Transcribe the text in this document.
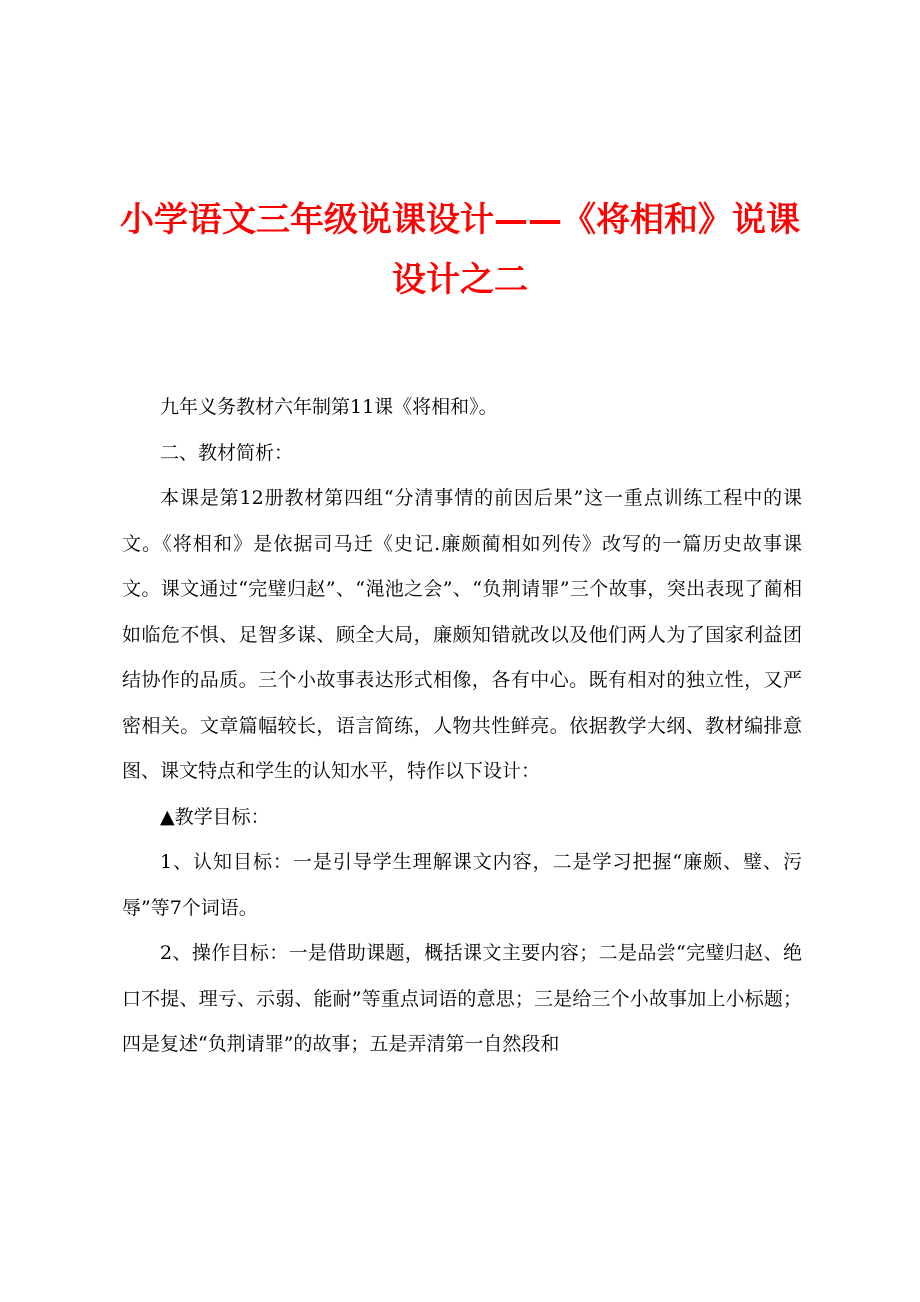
小学语文三年级说课设计——《将相和》说课
设计之二

九年义务教材六年制第11课《将相和》。

二、教材简析：

本课是第12册教材第四组“分清事情的前因后果”这一重点训练工程中的课文。《将相和》是依据司马迁《史记.廉颇蔺相如列传》改写的一篇历史故事课文。课文通过“完璧归赵”、“渑池之会”、“负荆请罪”三个故事，突出表现了蔺相如临危不惧、足智多谋、顾全大局，廉颇知错就改以及他们两人为了国家利益团结协作的品质。三个小故事表达形式相像，各有中心。既有相对的独立性，又严密相关。文章篇幅较长，语言简练，人物共性鲜亮。依据教学大纲、教材编排意图、课文特点和学生的认知水平，特作以下设计：

▲教学目标：

1、认知目标：一是引导学生理解课文内容，二是学习把握“廉颇、璧、污辱”等7个词语。

2、操作目标：一是借助课题，概括课文主要内容；二是品尝“完璧归赵、绝口不提、理亏、示弱、能耐”等重点词语的意思；三是给三个小故事加上小标题；四是复述“负荆请罪”的故事；五是弄清第一自然段和
